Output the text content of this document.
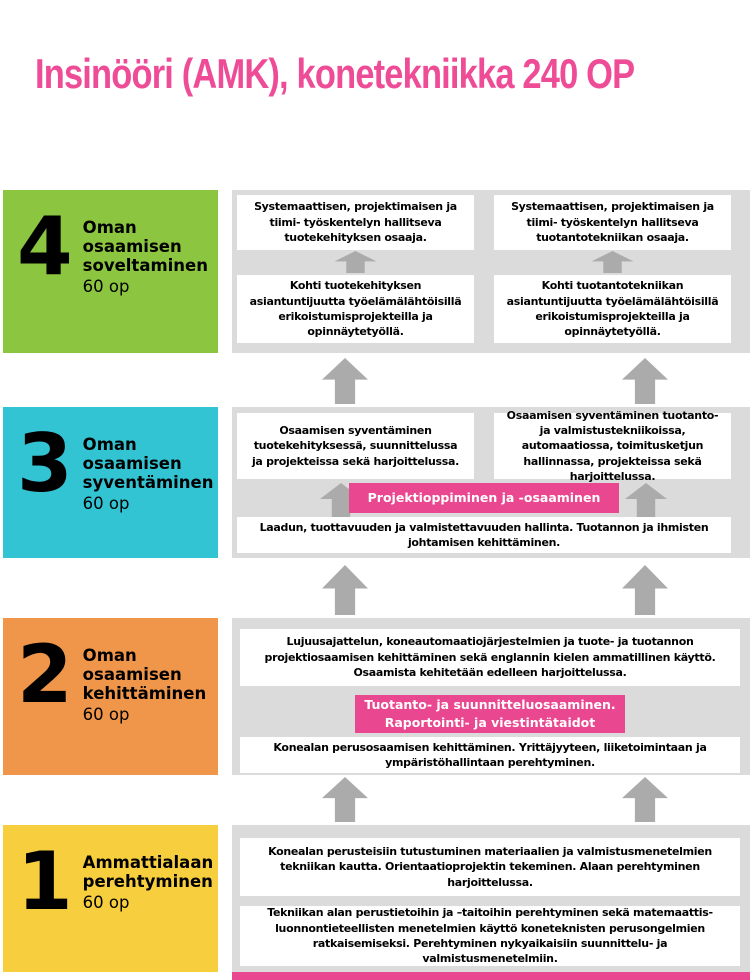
Insinööri (AMK), konetekniikka 240 OP
4 Oman osaamisen soveltaminen
60 op
Systemaattisen, projektimaisen ja tiimi- työskentelyn hallitseva tuotekehityksen osaaja.
Kohti tuotekehityksen asiantuntijuutta työelämälähtöisillä erikoistumisprojekteilla ja opinnäytetyöllä.
Systemaattisen, projektimaisen ja tiimi- työskentelyn hallitseva tuotantotekniikan osaaja.
Kohti tuotantotekniikan asiantuntijuutta työelämälähtöisillä erikoistumisprojekteilla ja opinnäytetyöllä.
3 Oman osaamisen syventäminen
60 op
Osaamisen syventäminen tuotekehityksessä, suunnittelussa ja projekteissa sekä harjoittelussa.
Osaamisen syventäminen tuotanto- ja valmistustekniikoissa, automaatiossa, toimitusketjun hallinnassa, projekteissa sekä harjoittelussa.
Projektioppiminen ja -osaaminen
Laadun, tuottavuuden ja valmistettavuuden hallinta. Tuotannon ja ihmisten johtamisen kehittäminen.
2 Oman osaamisen kehittäminen
60 op
Lujuusajattelun, koneautomaatiojärjestelmien ja tuote- ja tuotannon projektiosaamisen kehittäminen sekä englannin kielen ammatillinen käyttö. Osaamista kehitetään edelleen harjoittelussa.
Tuotanto- ja suunnitteluosaaminen.
Raportointi- ja viestintätaidot
Konealan perusosaamisen kehittäminen. Yrittäjyyteen, liiketoimintaan ja ympäristöhallintaan perehtyminen.
1 Ammattialaan perehtyminen
60 op
Konealan perusteisiin tutustuminen materiaalien ja valmistusmenetelmien tekniikan kautta. Orientaatioprojektin tekeminen. Alaan perehtyminen harjoittelussa.
Tekniikan alan perustietoihin ja –taitoihin perehtyminen sekä matemaattis-luonnontieteellisten menetelmien käyttö koneteknisten perusongelmien ratkaisemiseksi. Perehtyminen nykyaikaisiin suunnittelu- ja valmistusmenetelmiin.
